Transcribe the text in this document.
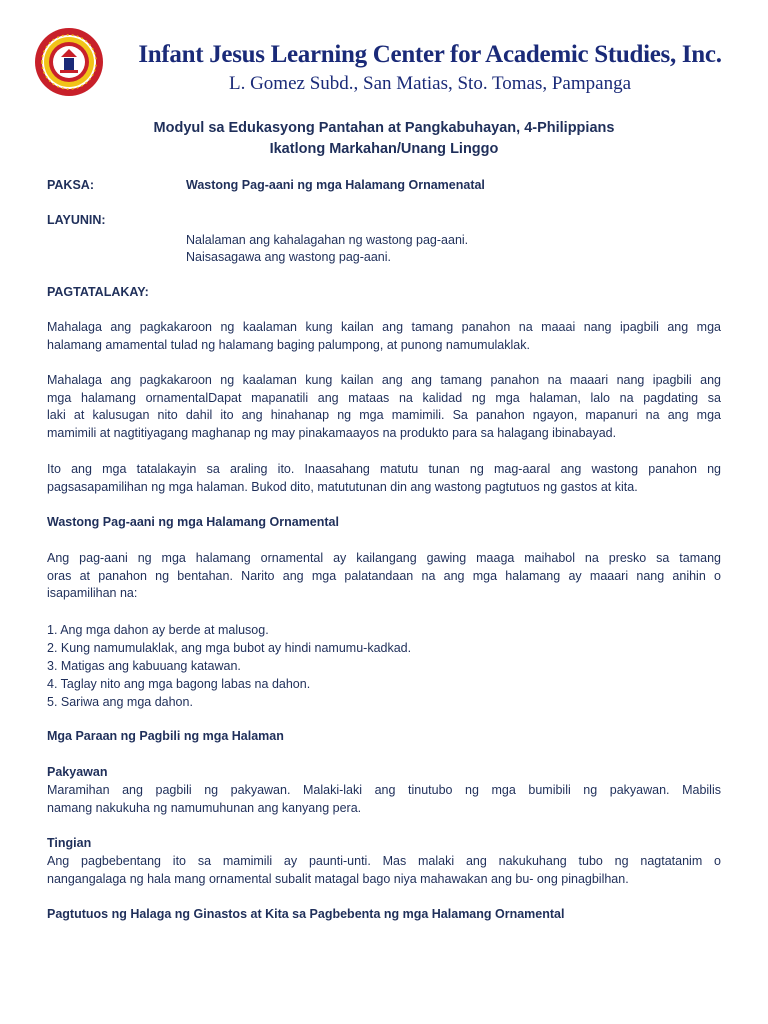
Infant Jesus Learning Center for Academic Studies, Inc.
L. Gomez Subd., San Matias, Sto. Tomas, Pampanga
Modyul sa Edukasyong Pantahan at Pangkabuhayan, 4-Philippians
Ikatlong Markahan/Unang Linggo
PAKSA:	Wastong Pag-aani ng mga Halamang Ornamenatal
LAYUNIN:
Nalalaman ang kahalagahan ng wastong pag-aani.
Naisasagawa ang wastong pag-aani.
PAGTATALAKAY:
Mahalaga ang pagkakaroon ng kaalaman kung kailan ang tamang panahon na maaai nang ipagbili ang mga
halamang amamental tulad ng halamang baging palumpong, at punong namumulaklak.
Mahalaga ang pagkakaroon ng kaalaman kung kailan ang ang tamang panahon na maaari nang ipagbili ang
mga halamang ornamentalDapat mapanatili ang mataas na kalidad ng mga halaman, lalo na pagdating sa
laki at kalusugan nito dahil ito ang hinahanap ng mga mamimili. Sa panahon ngayon, mapanuri na ang mga
mamimili at nagtitiyagang maghanap ng may pinakamaayos na produkto para sa halagang ibinabayad.
Ito ang mga tatalakayin sa araling ito. Inaasahang matutu tunan ng mag-aaral ang wastong panahon ng
pagsasapamilihan ng mga halaman. Bukod dito, matututunan din ang wastong pagtutuos ng gastos at kita.
Wastong Pag-aani ng mga Halamang Ornamental
Ang pag-aani ng mga halamang ornamental ay kailangang gawing maaga maihabol na presko sa tamang
oras at panahon ng bentahan. Narito ang mga palatandaan na ang mga halamang ay maaari nang anihin o
isapamilihan na:
1. Ang mga dahon ay berde at malusog.
2. Kung namumulaklak, ang mga bubot ay hindi namumu-kadkad.
3. Matigas ang kabuuang katawan.
4. Taglay nito ang mga bagong labas na dahon.
5. Sariwa ang mga dahon.
Mga Paraan ng Pagbili ng mga Halaman
Pakyawan
Maramihan ang pagbili ng pakyawan. Malaki-laki ang tinutubo ng mga bumibili ng pakyawan. Mabilis
namang nakukuha ng namumuhunan ang kanyang pera.
Tingian
Ang pagbebentang ito sa mamimili ay paunti-unti. Mas malaki ang nakukuhang tubo ng nagtatanim o
nangangalaga ng hala mang ornamental subalit matagal bago niya mahawakan ang bu- ong pinagbilhan.
Pagtutuos ng Halaga ng Ginastos at Kita sa Pagbebenta ng mga Halamang Ornamental
